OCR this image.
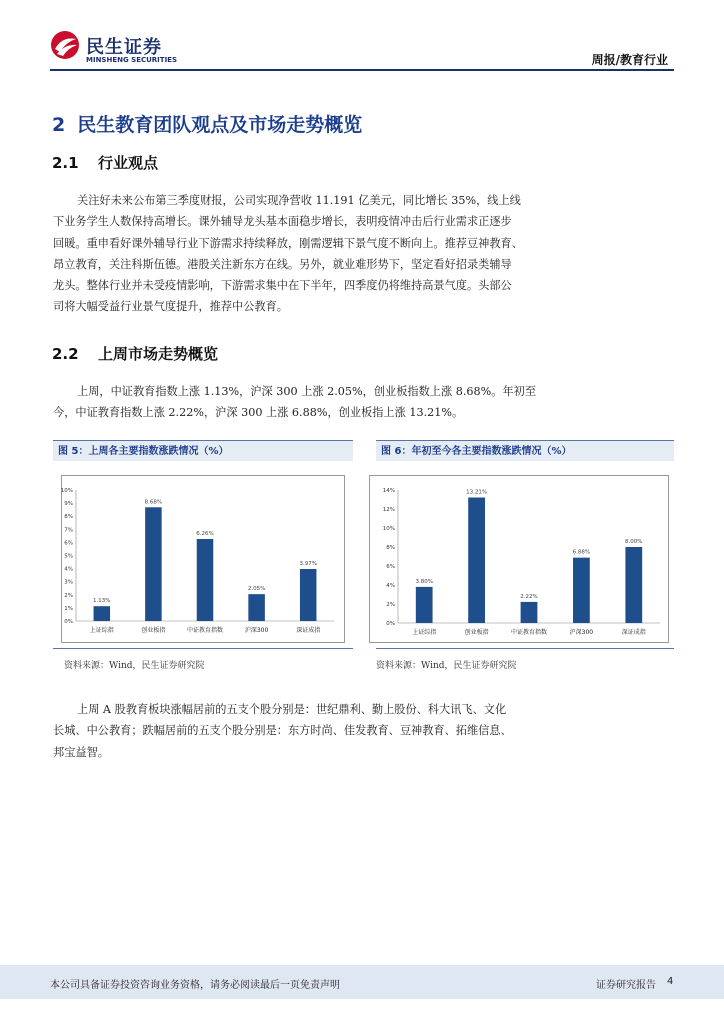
民生证券
MINSHENG SECURITIES	周报/教育行业
2 民生教育团队观点及市场走势概览
2.1 行业观点
关注好未来公布第三季度财报，公司实现净营收 11.191 亿美元，同比增长 35%，线上线
下业务学生人数保持高增长。课外辅导龙头基本面稳步增长，表明疫情冲击后行业需求正逐步
回暖。重申看好课外辅导行业下游需求持续释放，刚需逻辑下景气度不断向上。推荐豆神教育、
昂立教育，关注科斯伍德。港股关注新东方在线。另外，就业难形势下，坚定看好招录类辅导
龙头。整体行业并未受疫情影响，下游需求集中在下半年，四季度仍将维持高景气度。头部公
司将大幅受益行业景气度提升，推荐中公教育。
2.2 上周市场走势概览
上周，中证教育指数上涨 1.13%，沪深 300 上涨 2.05%，创业板指数上涨 8.68%。年初至
今，中证教育指数上涨 2.22%，沪深 300 上涨 6.88%，创业板指上涨 13.21%。
图 5：上周各主要指数涨跌情况（%）
0%
1%
2%
3%
4%
5%
6%
7%
8%
9%
10%
1.13%
上证综指
8.68%
创业板指
6.26%
中证教育指数
2.05%
沪深300
3.97%
深证成指
资料来源：Wind，民生证券研究院
图 6：年初至今各主要指数涨跌情况（%）
0%
2%
4%
6%
8%
10%
12%
14%
3.80%
上证综指
13.21%
创业板指
2.22%
中证教育指数
6.88%
沪深300
8.00%
深证成指
资料来源：Wind，民生证券研究院
上周 A 股教育板块涨幅居前的五支个股分别是：世纪鼎利、勤上股份、科大讯飞、文化
长城、中公教育；跌幅居前的五支个股分别是：东方时尚、佳发教育、豆神教育、拓维信息、
邦宝益智。
本公司具备证券投资咨询业务资格，请务必阅读最后一页免责声明	证券研究报告 4
